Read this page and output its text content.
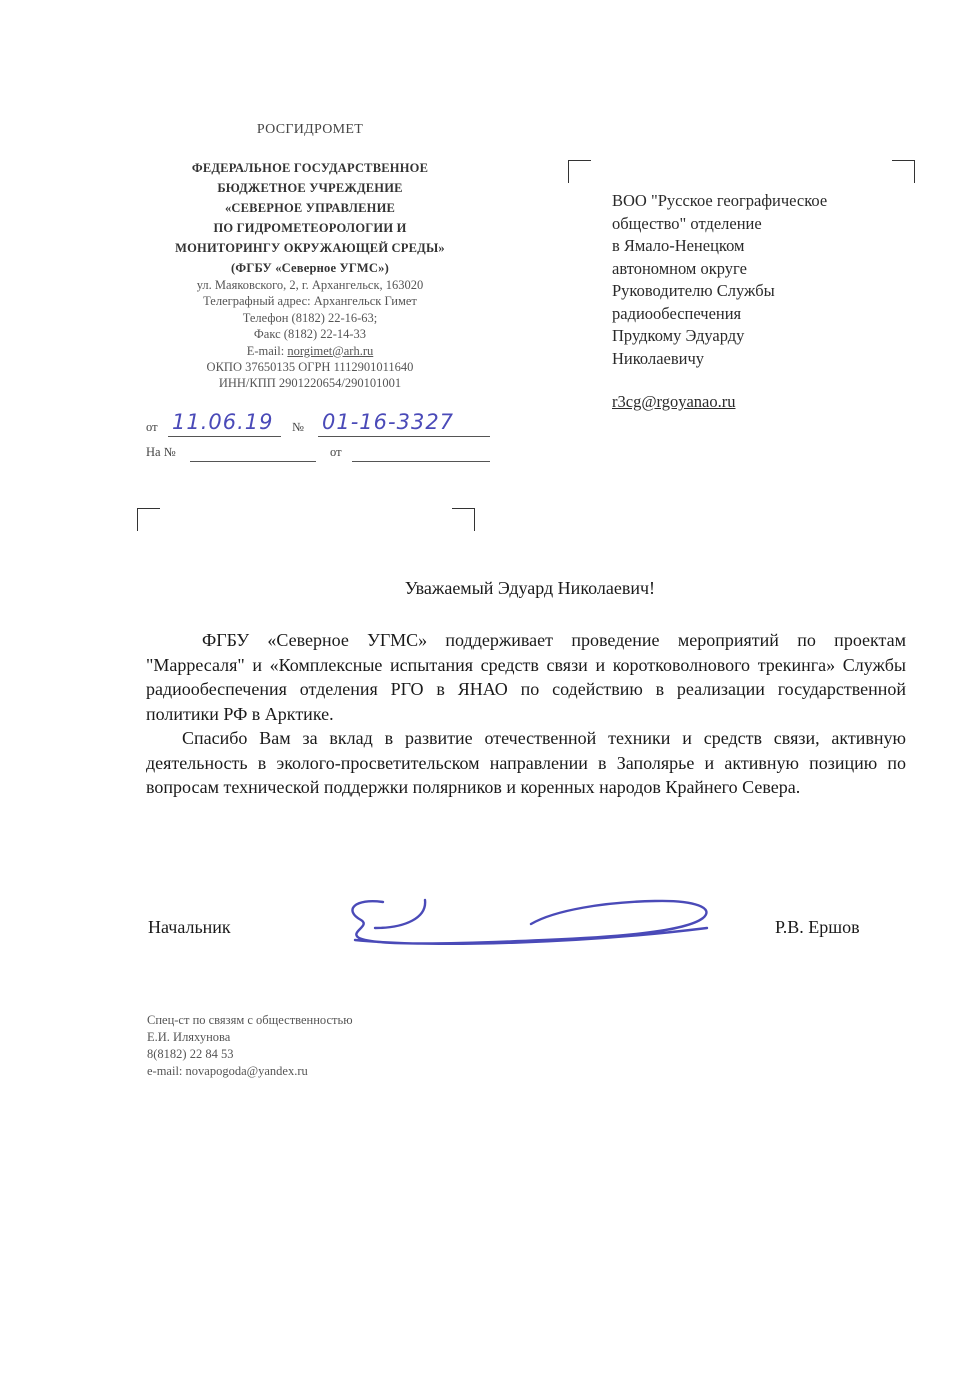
РОСГИДРОМЕТ
ФЕДЕРАЛЬНОЕ ГОСУДАРСТВЕННОЕ
БЮДЖЕТНОЕ УЧРЕЖДЕНИЕ
«СЕВЕРНОЕ УПРАВЛЕНИЕ
ПО ГИДРОМЕТЕОРОЛОГИИ И
МОНИТОРИНГУ ОКРУЖАЮЩЕЙ СРЕДЫ»
(ФГБУ «Северное УГМС»)
ул. Маяковского, 2, г. Архангельск, 163020
Телеграфный адрес: Архангельск Гимет
Телефон (8182) 22-16-63;
Факс (8182) 22-14-33
E-mail: norgimet@arh.ru
ОКПО 37650135 ОГРН 1112901011640
ИНН/КПП 2901220654/290101001
от 11.06.19 № 01-16-3327
На №	от
ВОО "Русское географическое
общество" отделение
в Ямало-Ненецком
автономном округе
Руководителю Службы
радиообеспечения
Прудкому Эдуарду
Николаевичу
r3cg@rgoyanao.ru
Уважаемый Эдуард Николаевич!

ФГБУ «Северное УГМС» поддерживает проведение мероприятий по проектам "Марресаля" и «Комплексные испытания средств связи и коротковолнового трекинга» Службы радиообеспечения отделения РГО в ЯНАО по содействию в реализации государственной политики РФ в Арктике.

Спасибо Вам за вклад в развитие отечественной техники и средств связи, активную деятельность в эколого-просветительском направлении в Заполярье и активную позицию по вопросам технической поддержки полярников и коренных народов Крайнего Севера.

Начальник	Р.В. Ершов
Спец-ст по связям с общественностью
Е.И. Иляхунова
8(8182) 22 84 53
e-mail: novapogoda@yandex.ru
